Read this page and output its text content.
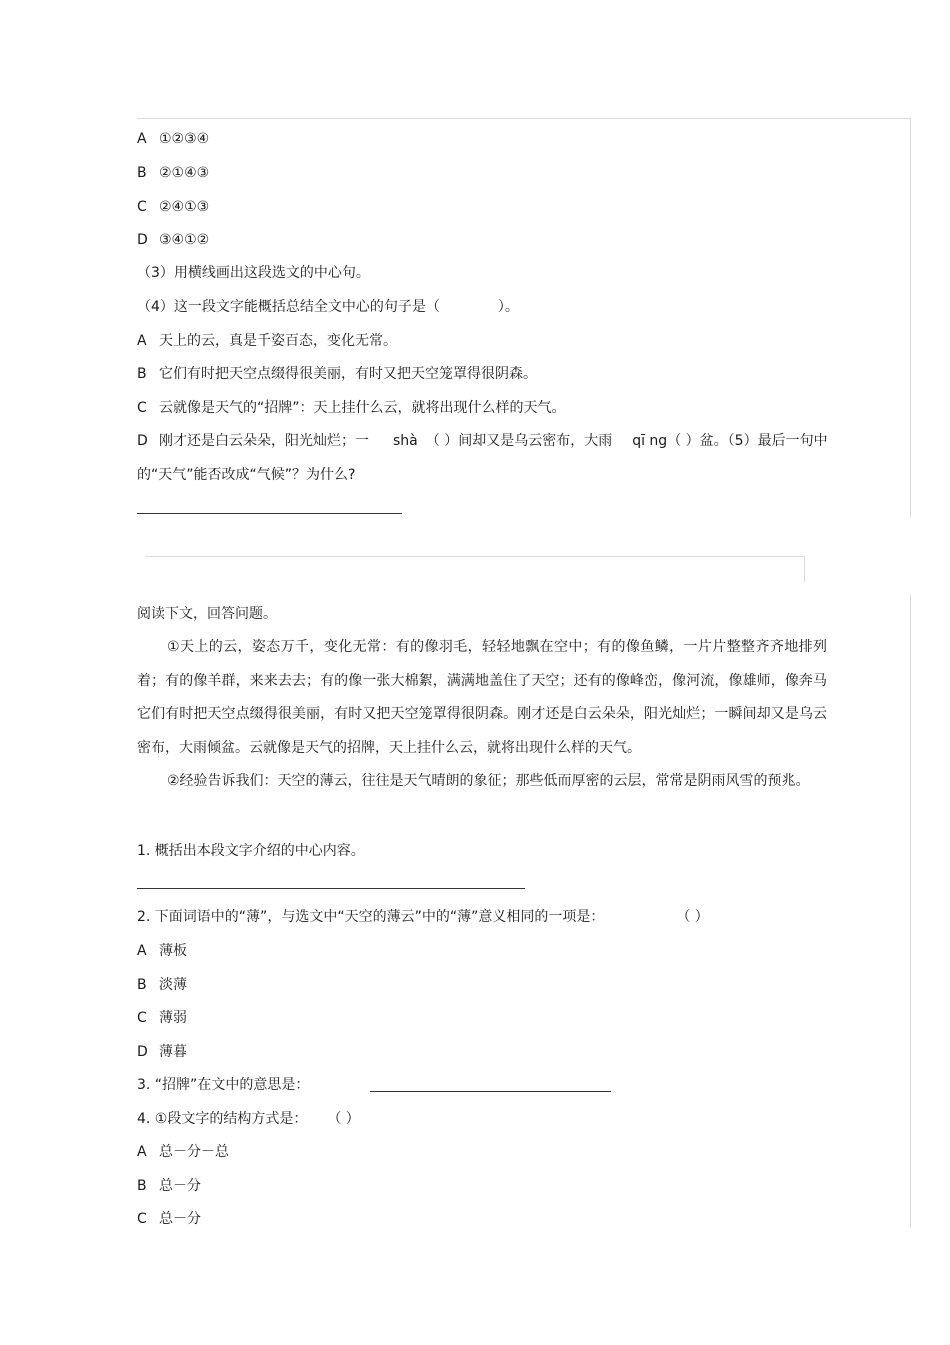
A ①②③④
B ②①④③
C ②④①③
D ③④①②
（3）用横线画出这段选文的中心句。
（4）这一段文字能概括总结全文中心的句子是（	）。
A 天上的云，真是千姿百态，变化无常。
B 它们有时把天空点缀得很美丽，有时又把天空笼罩得很阴森。
C 云就像是天气的“招牌”：天上挂什么云，就将出现什么样的天气。
D 刚才还是白云朵朵，阳光灿烂；一 shà （ ）间却又是乌云密布，大雨 qī ng（ ）盆。（5）最后一句中
的“天气”能否改成“气候”？为什么?
阅读下文，回答问题。
①天上的云，姿态万千，变化无常：有的像羽毛，轻轻地飘在空中；有的像鱼鳞，一片片整整齐齐地排列着；有的像羊群，来来去去；有的像一张大棉絮，满满地盖住了天空；还有的像峰峦，像河流，像雄师，像奔马它们有时把天空点缀得很美丽，有时又把天空笼罩得很阴森。刚才还是白云朵朵，阳光灿烂；一瞬间却又是乌云密布，大雨倾盆。云就像是天气的招牌，天上挂什么云，就将出现什么样的天气。
②经验告诉我们：天空的薄云，往往是天气晴朗的象征；那些低而厚密的云层，常常是阴雨风雪的预兆。
1. 概括出本段文字介绍的中心内容。
2. 下面词语中的“薄”，与选文中“天空的薄云”中的“薄”意义相同的一项是：	（ ）
A 薄板
B 淡薄
C 薄弱
D 薄暮
3. “招牌”在文中的意思是：
4. ①段文字的结构方式是： （ ）
A 总－分－总
B 总－分
C 总－分
